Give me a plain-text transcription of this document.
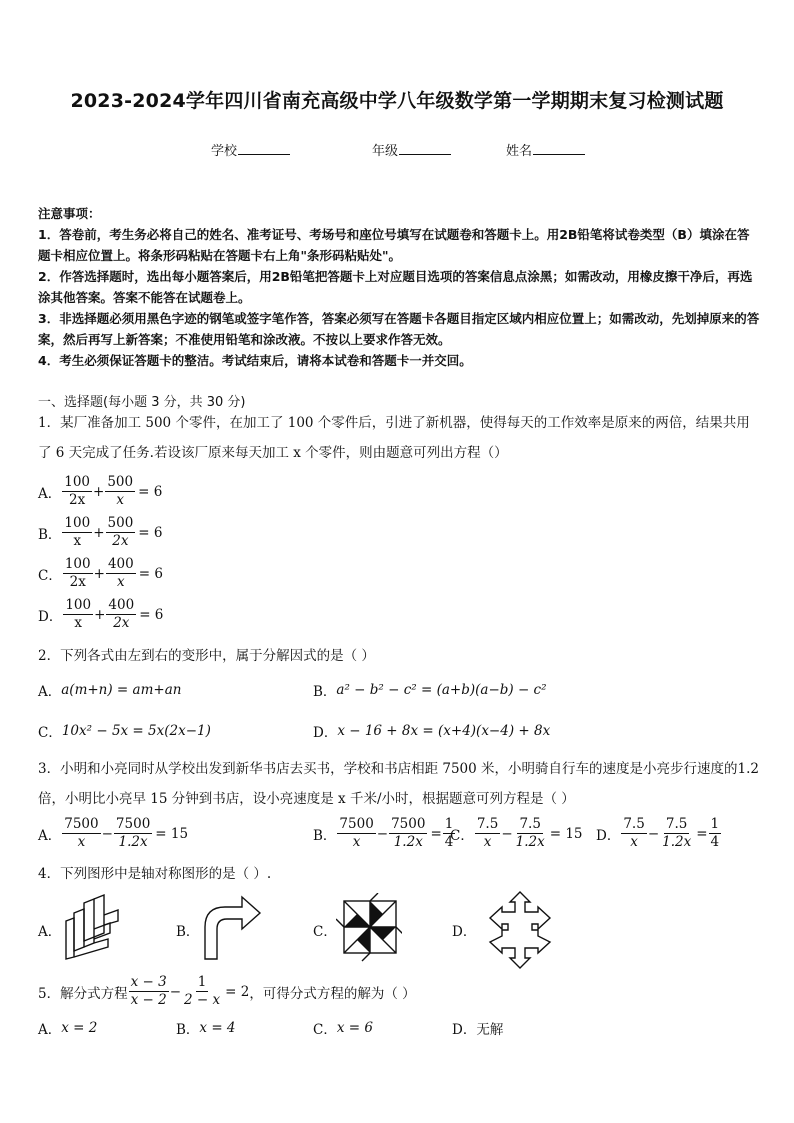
2023-2024学年四川省南充高级中学八年级数学第一学期期末复习检测试题
学校	年级	姓名

注意事项：

1．答卷前，考生务必将自己的姓名、准考证号、考场号和座位号填写在试题卷和答题卡上。用2B铅笔将试卷类型（B）填涂在答题卡相应位置上。将条形码粘贴在答题卡右上角"条形码粘贴处"。

2．作答选择题时，选出每小题答案后，用2B铅笔把答题卡上对应题目选项的答案信息点涂黑；如需改动，用橡皮擦干净后，再选涂其他答案。答案不能答在试题卷上。

3．非选择题必须用黑色字迹的钢笔或签字笔作答，答案必须写在答题卡各题目指定区域内相应位置上；如需改动，先划掉原来的答案，然后再写上新答案；不准使用铅笔和涂改液。不按以上要求作答无效。

4．考生必须保证答题卡的整洁。考试结束后，请将本试卷和答题卡一并交回。

一、选择题(每小题 3 分，共 30 分)
1．某厂准备加工 500 个零件，在加工了 100 个零件后，引进了新机器，使得每天的工作效率是原来的两倍，结果共用了 6 天完成了任务.若设该厂原来每天加工 x 个零件，则由题意可列出方程（）
A． $\frac{100}{2x} + \frac{500}{x} = 6$
B． $\frac{100}{x} + \frac{500}{2x} = 6$
C． $\frac{100}{2x} + \frac{400}{x} = 6$
D． $\frac{100}{x} + \frac{400}{2x} = 6$
2．下列各式由左到右的变形中，属于分解因式的是（ ）
A． a(m+n) = am+an	B． a² − b² − c² = (a+b)(a−b) − c²
C． 10x² − 5x = 5x(2x−1)	D． x − 16 + 8x = (x+4)(x−4) + 8x
3．小明和小亮同时从学校出发到新华书店去买书，学校和书店相距 7500 米，小明骑自行车的速度是小亮步行速度的1.2倍，小明比小亮早 15 分钟到书店，设小亮速度是 x 千米/小时，根据题意可列方程是（ ）
A． $\frac{7500}{x} - \frac{7500}{1.2x} = 15$	B． $\frac{7500}{x} - \frac{7500}{1.2x} = \frac{1}{4}$
C． $\frac{7.5}{x} - \frac{7.5}{1.2x} = 15$ D． $\frac{7.5}{x} - \frac{7.5}{1.2x} = \frac{1}{4}$
4．下列图形中是轴对称图形的是（ ）.
A．	B．	C．	D．
5．解分式方程 $\frac{x - 3}{x - 2} - \frac{1}{2 - x} = 2$ ，可得分式方程的解为（ ）
A． x = 2	B． x = 4	C． x = 6	D． 无解
